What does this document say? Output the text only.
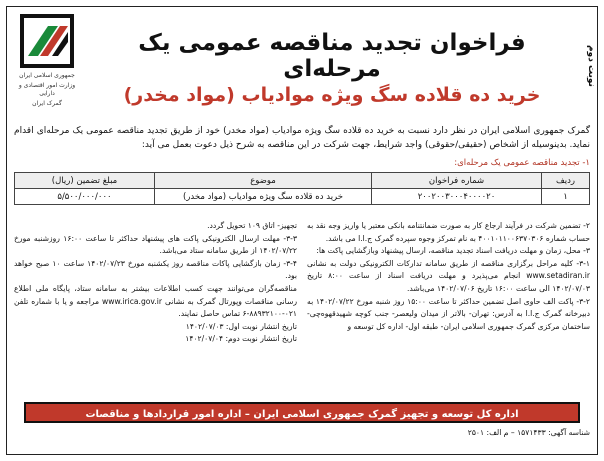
جمهوری اسلامی ایران
وزارت امور اقتصادی و دارایی
گمرک ایران
نوبت دوم
فراخوان تجدید مناقصه عمومی یک مرحله‌ای
خرید ده قلاده سگ ویژه موادیاب (مواد مخدر)
گمرک جمهوری اسلامی ایران در نظر دارد نسبت به خرید ده قلاده سگ ویژه موادیاب (مواد مخدر) خود از طریق تجدید مناقصه عمومی یک مرحله‌ای اقدام نماید. بدینوسیله از اشخاص (حقیقی/حقوقی) واجد شرایط، جهت شرکت در این مناقصه به شرح ذیل دعوت بعمل می آید:
۱- تجدید مناقصه عمومی یک مرحله‌ای:
ردیف	شماره فراخوان	موضوع	مبلغ تضمین (ریال)
۱	۲۰۰۲۰۰۳۰۰۰۴۰۰۰۰۲۰	خرید ده قلاده سگ ویژه موادیاب (مواد مخدر)	۵/۵۰۰/۰۰۰/۰۰۰

۲- تضمین شرکت در فرآیند ارجاع کار به صورت ضمانتنامه بانکی معتبر یا واریز وجه نقد به حساب شماره ۴۰۰۱۰۱۱۰۰۶۳۷۰۳۰۶ به نام تمرکز وجوه سپرده گمرک ج.ا.ا می باشد.

۳- محل، زمان و مهلت دریافت اسناد تجدید مناقصه، ارسال پیشنهاد وبازگشایی پاکت ها:

۳-۱- کلیه مراحل برگزاری مناقصه از طریق سامانه تدارکات الکترونیکی دولت به نشانی www.setadiran.ir انجام می‌پذیرد و مهلت دریافت اسناد از ساعت ۸:۰۰ تاریخ ۱۴۰۲/۰۷/۰۳ الی ساعت ۱۶:۰۰ تاریخ ۱۴۰۲/۰۷/۰۶ می‌باشد.

۳-۲- پاکت الف حاوی اصل تضمین حداکثر تا ساعت ۱۵:۰۰ روز شنبه مورخ ۱۴۰۲/۰۷/۲۲ به دبیرخانه گمرک ج.ا.ا به آدرس: تهران- بالاتر از میدان ولیعصر- جنب کوچه شهیدقهوه‌چی- ساختمان مرکزی گمرک جمهوری اسلامی ایران- طبقه اول- اداره کل توسعه و

تجهیز- اتاق ۱۰۹ تحویل گردد.

۳-۳- مهلت ارسال الکترونیکی پاکت های پیشنهاد حداکثر تا ساعت ۱۶:۰۰ روزشنبه مورخ ۱۴۰۲/۰۷/۲۲ از طریق سامانه ستاد می‌باشد.

۳-۴- زمان بازگشایی پاکات مناقصه روز یکشنبه مورخ ۱۴۰۲/۰۷/۲۳ ساعت ۱۰ صبح خواهد بود.

مناقصه‌گران می‌توانند جهت کسب اطلاعات بیشتر به سامانه ستاد، پایگاه ملی اطلاع رسانی مناقصات وپورتال گمرک به نشانی www.irica.gov.ir مراجعه و یا با شماره تلفن ۰۲۱-۸۸۹۳۲۱۰۰-۶ تماس حاصل نمایند.

تاریخ انتشار نوبت اول: ۱۴۰۲/۰۷/۰۳

تاریخ انتشار نوبت دوم: ۱۴۰۲/۰۷/۰۴

اداره کل توسعه و تجهیز گمرک جمهوری اسلامی ایران – اداره امور قراردادها و مناقصات
شناسه آگهی: ۱۵۷۱۴۳۳ – م الف: ۲۵۰۱
